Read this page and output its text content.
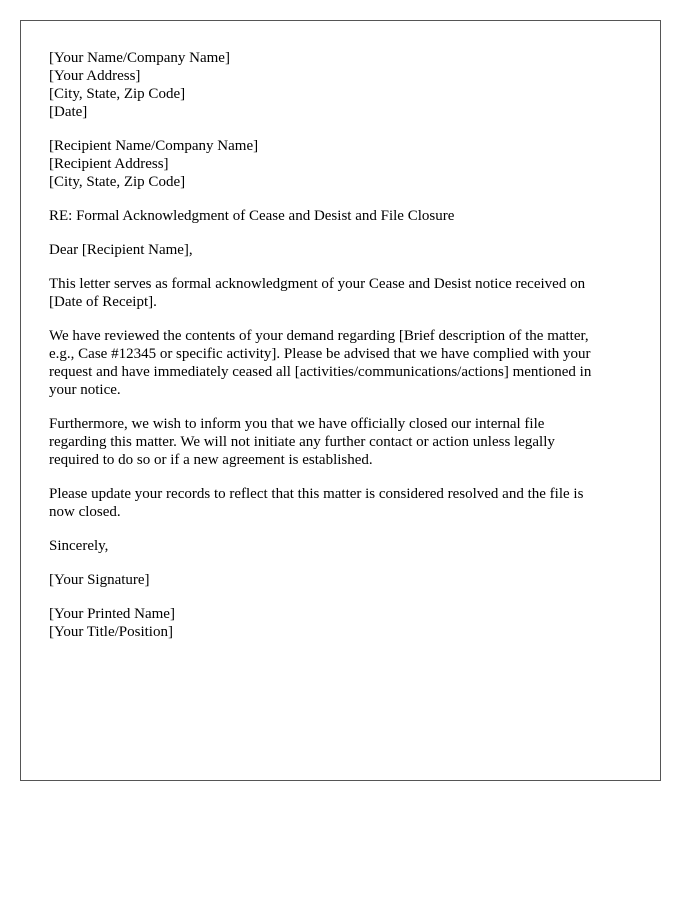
[Your Name/Company Name]
[Your Address]
[City, State, Zip Code]
[Date]

[Recipient Name/Company Name]
[Recipient Address]
[City, State, Zip Code]

RE: Formal Acknowledgment of Cease and Desist and File Closure

Dear [Recipient Name],

This letter serves as formal acknowledgment of your Cease and Desist notice received on
[Date of Receipt].

We have reviewed the contents of your demand regarding [Brief description of the matter,
e.g., Case #12345 or specific activity]. Please be advised that we have complied with your
request and have immediately ceased all [activities/communications/actions] mentioned in
your notice.

Furthermore, we wish to inform you that we have officially closed our internal file
regarding this matter. We will not initiate any further contact or action unless legally
required to do so or if a new agreement is established.

Please update your records to reflect that this matter is considered resolved and the file is
now closed.

Sincerely,

[Your Signature]

[Your Printed Name]
[Your Title/Position]
